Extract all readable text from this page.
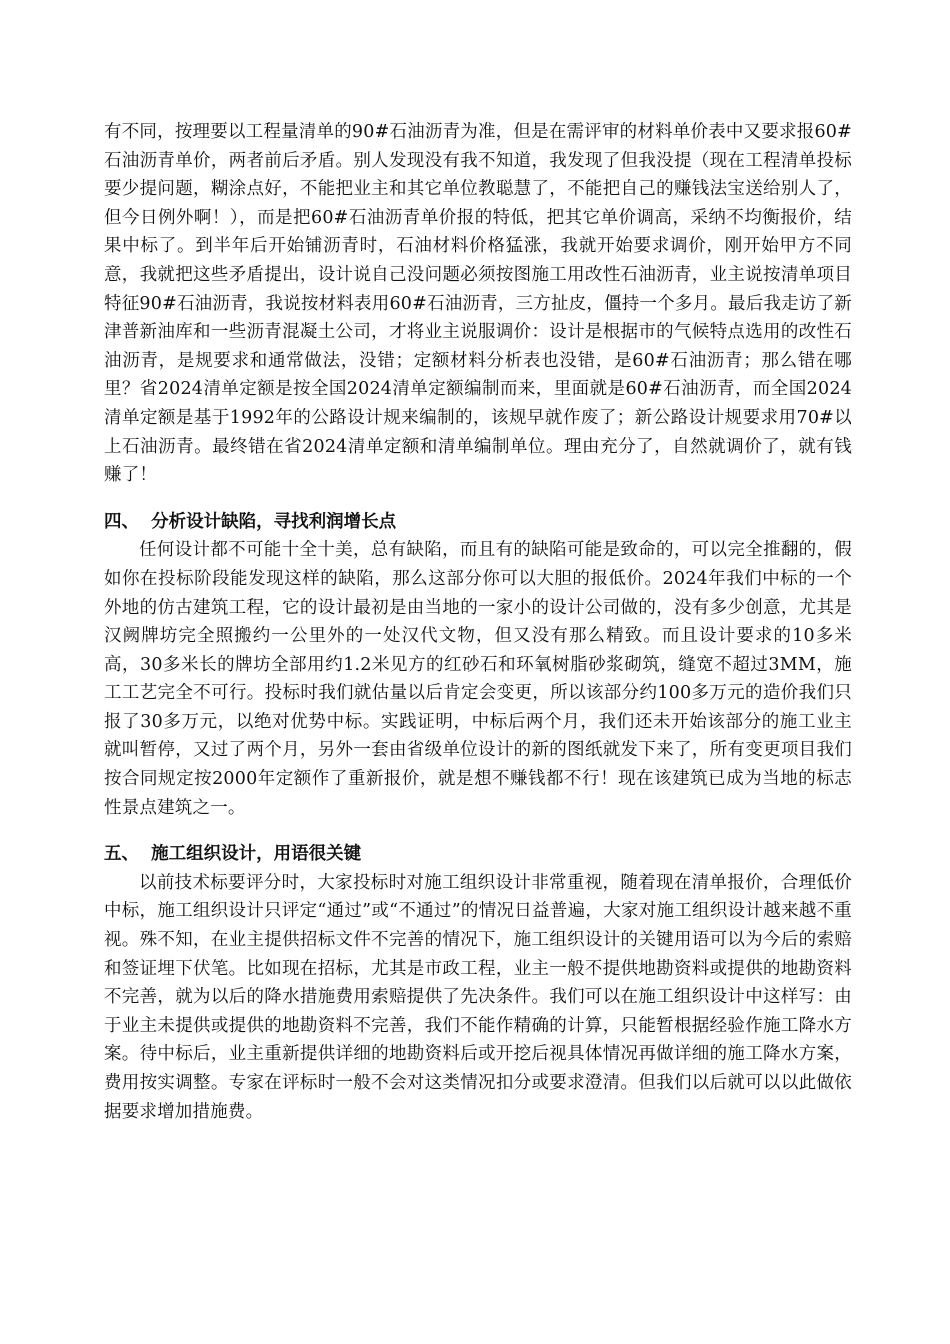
有不同，按理要以工程量清单的90#石油沥青为准，但是在需评审的材料单价表中又要求报60#石油沥青单价，两者前后矛盾。别人发现没有我不知道，我发现了但我没提（现在工程清单投标要少提问题，糊涂点好，不能把业主和其它单位教聪慧了，不能把自己的赚钱法宝送给别人了，但今日例外啊！），而是把60#石油沥青单价报的特低，把其它单价调高，采纳不均衡报价，结果中标了。到半年后开始铺沥青时，石油材料价格猛涨，我就开始要求调价，刚开始甲方不同意，我就把这些矛盾提出，设计说自己没问题必须按图施工用改性石油沥青，业主说按清单项目特征90#石油沥青，我说按材料表用60#石油沥青，三方扯皮，僵持一个多月。最后我走访了新津普新油库和一些沥青混凝土公司，才将业主说服调价：设计是根据市的气候特点选用的改性石油沥青，是规要求和通常做法，没错；定额材料分析表也没错，是60#石油沥青；那么错在哪里？省2024清单定额是按全国2024清单定额编制而来，里面就是60#石油沥青，而全国2024清单定额是基于1992年的公路设计规来编制的，该规早就作废了；新公路设计规要求用70#以上石油沥青。最终错在省2024清单定额和清单编制单位。理由充分了，自然就调价了，就有钱赚了！

四、  分析设计缺陷，寻找利润增长点

任何设计都不可能十全十美，总有缺陷，而且有的缺陷可能是致命的，可以完全推翻的，假如你在投标阶段能发现这样的缺陷，那么这部分你可以大胆的报低价。2024年我们中标的一个外地的仿古建筑工程，它的设计最初是由当地的一家小的设计公司做的，没有多少创意，尤其是汉阙牌坊完全照搬约一公里外的一处汉代文物，但又没有那么精致。而且设计要求的10多米高，30多米长的牌坊全部用约1.2米见方的红砂石和环氧树脂砂浆砌筑，缝宽不超过3MM，施工工艺完全不可行。投标时我们就估量以后肯定会变更，所以该部分约100多万元的造价我们只报了30多万元，以绝对优势中标。实践证明，中标后两个月，我们还未开始该部分的施工业主就叫暂停，又过了两个月，另外一套由省级单位设计的新的图纸就发下来了，所有变更项目我们按合同规定按2000年定额作了重新报价，就是想不赚钱都不行！现在该建筑已成为当地的标志性景点建筑之一。

五、  施工组织设计，用语很关键

以前技术标要评分时，大家投标时对施工组织设计非常重视，随着现在清单报价，合理低价中标，施工组织设计只评定“通过”或“不通过”的情况日益普遍，大家对施工组织设计越来越不重视。殊不知，在业主提供招标文件不完善的情况下，施工组织设计的关键用语可以为今后的索赔和签证埋下伏笔。比如现在招标，尤其是市政工程，业主一般不提供地勘资料或提供的地勘资料不完善，就为以后的降水措施费用索赔提供了先决条件。我们可以在施工组织设计中这样写：由于业主未提供或提供的地勘资料不完善，我们不能作精确的计算，只能暂根据经验作施工降水方案。待中标后，业主重新提供详细的地勘资料后或开挖后视具体情况再做详细的施工降水方案，费用按实调整。专家在评标时一般不会对这类情况扣分或要求澄清。但我们以后就可以以此做依据要求增加措施费。
